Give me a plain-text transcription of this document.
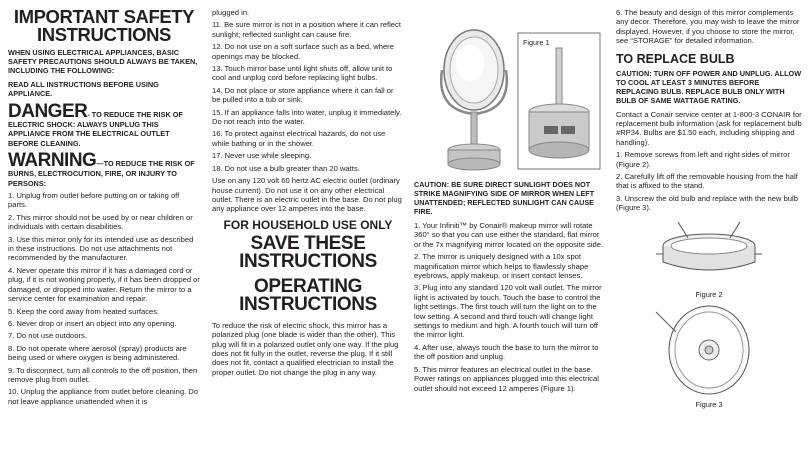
IMPORTANT SAFETY INSTRUCTIONS

WHEN USING ELECTRICAL APPLIANCES, BASIC SAFETY PRECAUTIONS SHOULD ALWAYS BE TAKEN, INCLUDING THE FOLLOWING:

READ ALL INSTRUCTIONS BEFORE USING APPLIANCE.

DANGER- TO REDUCE THE RISK OF ELECTRIC SHOCK: ALWAYS UNPLUG THIS APPLIANCE FROM THE ELECTRICAL OUTLET BEFORE CLEANING.

WARNING—TO REDUCE THE RISK OF BURNS, ELECTROCUTION, FIRE, OR INJURY TO PERSONS:

1. Unplug from outlet before putting on or taking off parts.

2. This mirror should not be used by or near children or individuals with certain disabilities.

3. Use this mirror only for its intended use as described in these instructions. Do not use attachments not recommended by the manufacturer.

4. Never operate this mirror if it has a damaged cord or plug, if it is not working properly, if it has been dropped or damaged, or dropped into water. Return the mirror to a service center for examination and repair.

5. Keep the cord away from heated surfaces.

6. Never drop or insert an object into any opening.

7. Do not use outdoors.

8. Do not operate where aerosol (spray) products are being used or where oxygen is being administered.

9. To disconnect, turn all controls to the off position, then remove plug from outlet.

10. Unplug the appliance from outlet before cleaning. Do not leave appliance unattended when it is

plugged in.

11. Be sure mirror is not in a position where it can reflect sunlight; reflected sunlight can cause fire.

12. Do not use on a soft surface such as a bed, where openings may be blocked.

13. Touch mirror base until light shuts off, allow unit to cool and unplug cord before replacing light bulbs.

14. Do not place or store appliance where it can fall or be pulled into a tub or sink.

15. If an appliance falls into water, unplug it immediately. Do not reach into the water.

16. To protect against electrical hazards, do not use while bathing or in the shower.

17. Never use while sleeping.

18. Do not use a bulb greater than 20 watts.

Use on any 120 volt 60 hertz AC electric outlet (ordinary house current). Do not use it on any other electrical outlet. There is an electric outlet in the base. Do not plug any appliance over 12 amperes into the base.

FOR HOUSEHOLD USE ONLY
SAVE THESE INSTRUCTIONS
OPERATING INSTRUCTIONS

To reduce the risk of electric shock, this mirror has a polarized plug (one blade is wider than the other). This plug will fit in a polarized outlet only one way. If the plug does not fit fully in the outlet, reverse the plug. If it still does not fit, contact a qualified electrician to install the proper outlet. Do not change the plug in any way.

Figure 1

CAUTION: BE SURE DIRECT SUNLIGHT DOES NOT STRIKE MAGNIFYING SIDE OF MIRROR WHEN LEFT UNATTENDED; REFLECTED SUNLIGHT CAN CAUSE FIRE.

1. Your Infiniti™ by Conair® makeup mirror will rotate 360° so that you can use either the standard, flat mirror or the 7x magnifying mirror located on the opposite side.

2. The mirror is uniquely designed with a 10x spot magnification mirror which helps to flawlessly shape eyebrows, apply makeup, or insert contact lenses.

3. Plug into any standard 120 volt wall outlet. The mirror light is activated by touch. Touch the base to control the light settings. The first touch will turn the light on to the low setting. A second and third touch will change light settings to medium and high. A fourth touch will turn off the mirror light.

4. After use, always touch the base to turn the mirror to the off position and unplug.

5. This mirror features an electrical outlet in the base. Power ratings on appliances plugged into this electrical outlet should not exceed 12 amperes (Figure 1).

6. The beauty and design of this mirror complements any decor. Therefore, you may wish to leave the mirror displayed. However, if you choose to store the mirror, see “STORAGE” for detailed information.

TO REPLACE BULB

CAUTION: TURN OFF POWER AND UNPLUG. ALLOW TO COOL AT LEAST 3 MINUTES BEFORE REPLACING BULB. REPLACE BULB ONLY WITH BULB OF SAME WATTAGE RATING.

Contact a Conair service center at 1-800-3 CONAIR for replacement bulb information (ask for replacement bulb #RP34. Bulbs are $1.50 each, including shipping and handling).

1. Remove screws from left and right sides of mirror (Figure 2).

2. Carefully lift off the removable housing from the half that is affixed to the stand.

3. Unscrew the old bulb and replace with the new bulb (Figure 3).

Figure 2
Figure 3
